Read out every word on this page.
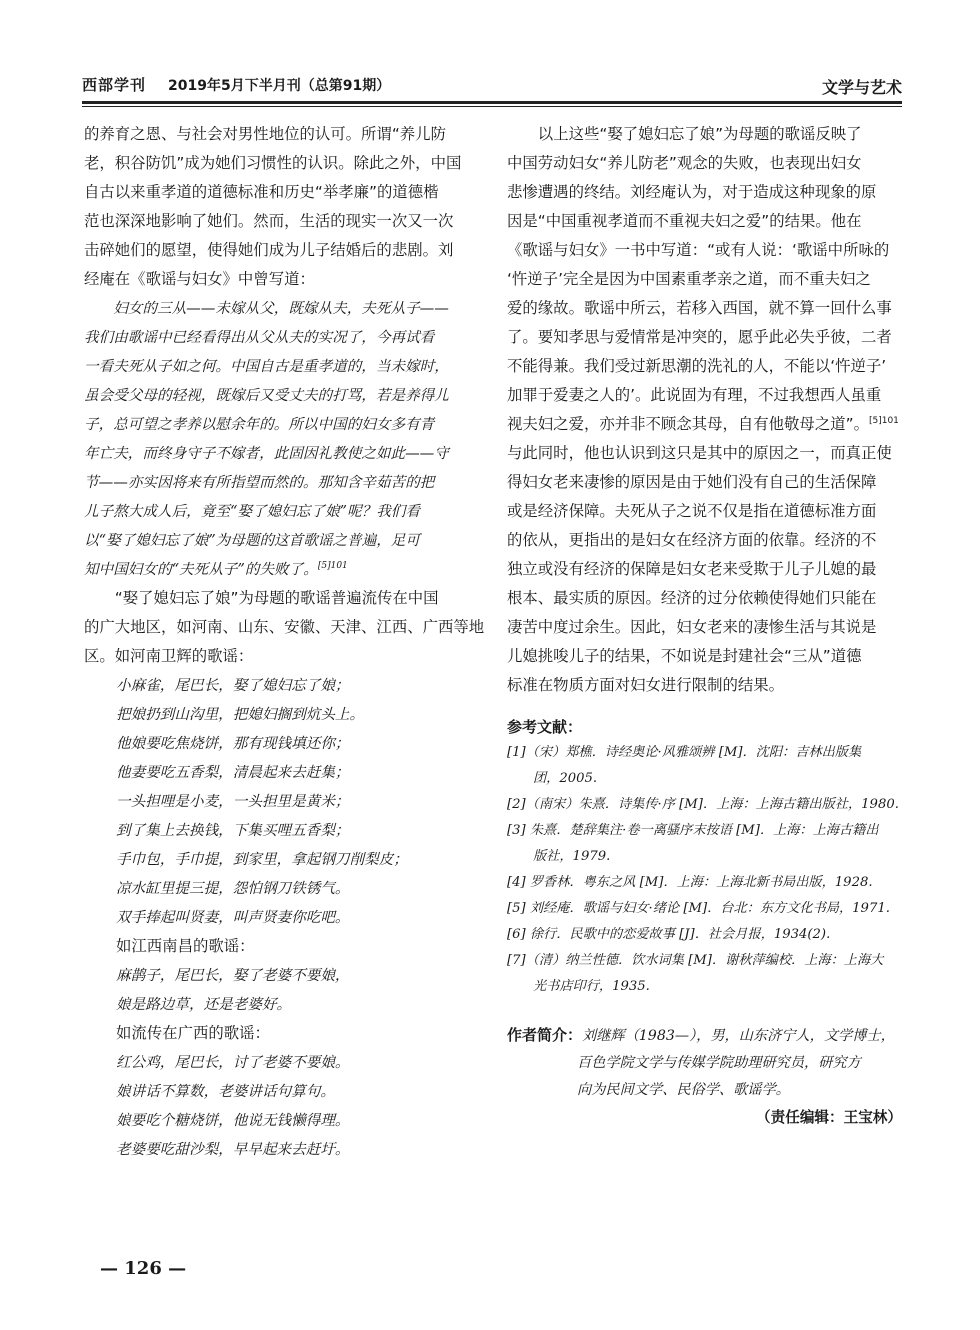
西部学刊 2019年5月下半月刊（总第91期）	文学与艺术

的养育之恩、与社会对男性地位的认可。所谓“养儿防

老，积谷防饥”成为她们习惯性的认识。除此之外，中国

自古以来重孝道的道德标准和历史“举孝廉”的道德楷

范也深深地影响了她们。然而，生活的现实一次又一次

击碎她们的愿望，使得她们成为儿子结婚后的悲剧。刘

经庵在《歌谣与妇女》中曾写道：

妇女的三从——未嫁从父，既嫁从夫，夫死从子——

我们由歌谣中已经看得出从父从夫的实况了，今再试看

一看夫死从子如之何。中国自古是重孝道的，当未嫁时，

虽会受父母的轻视，既嫁后又受丈夫的打骂，若是养得儿

子，总可望之孝养以慰余年的。所以中国的妇女多有青

年亡夫，而终身守子不嫁者，此固因礼教使之如此——守

节——亦实因将来有所指望而然的。那知含辛茹苦的把

儿子熬大成人后，竟至“娶了媳妇忘了娘”呢？我们看

以“娶了媳妇忘了娘”为母题的这首歌谣之普遍，足可

知中国妇女的“夫死从子”的失败了。$^{[5]101}$

“娶了媳妇忘了娘”为母题的歌谣普遍流传在中国

的广大地区，如河南、山东、安徽、天津、江西、广西等地

区。如河南卫辉的歌谣：

小麻雀，尾巴长，娶了媳妇忘了娘；

把娘扔到山沟里，把媳妇搁到炕头上。

他娘要吃焦烧饼，那有现钱填还你；

他妻要吃五香梨，清晨起来去赶集；

一头担哩是小麦，一头担里是黄米；

到了集上去换钱，下集买哩五香梨；

手巾包，手巾提，到家里，拿起钢刀削梨皮；

凉水缸里提三提，怨怕钢刀铁锈气。

双手捧起叫贤妻，叫声贤妻你吃吧。

如江西南昌的歌谣：

麻鹊子，尾巴长，娶了老婆不要娘，

娘是路边草，还是老婆好。

如流传在广西的歌谣：

红公鸡，尾巴长，讨了老婆不要娘。

娘讲话不算数，老婆讲话句算句。

娘要吃个糖烧饼，他说无钱懒得理。

老婆要吃甜沙梨，早早起来去赶圩。

以上这些“娶了媳妇忘了娘”为母题的歌谣反映了

中国劳动妇女“养儿防老”观念的失败，也表现出妇女

悲惨遭遇的终结。刘经庵认为，对于造成这种现象的原

因是“中国重视孝道而不重视夫妇之爱”的结果。他在

《歌谣与妇女》一书中写道：“或有人说：‘歌谣中所咏的

‘忤逆子’完全是因为中国素重孝亲之道，而不重夫妇之

爱的缘故。歌谣中所云，若移入西国，就不算一回什么事

了。要知孝思与爱情常是冲突的，愿乎此必失乎彼，二者

不能得兼。我们受过新思潮的洗礼的人，不能以‘忤逆子’

加罪于爱妻之人的’。此说固为有理，不过我想西人虽重

视夫妇之爱，亦并非不顾念其母，自有他敬母之道”。$^{[5]101}$

与此同时，他也认识到这只是其中的原因之一，而真正使

得妇女老来凄惨的原因是由于她们没有自己的生活保障

或是经济保障。夫死从子之说不仅是指在道德标准方面

的依从，更指出的是妇女在经济方面的依靠。经济的不

独立或没有经济的保障是妇女老来受欺于儿子儿媳的最

根本、最实质的原因。经济的过分依赖使得她们只能在

凄苦中度过余生。因此，妇女老来的凄惨生活与其说是

儿媳挑唆儿子的结果，不如说是封建社会“三从”道德

标准在物质方面对妇女进行限制的结果。

参考文献：
[1]（宋）郑樵．诗经奥论·风雅颂辨 [M]．沈阳：吉林出版集
团，2005.
[2]（南宋）朱熹．诗集传·序 [M]．上海：上海古籍出版社，1980.
[3] 朱熹．楚辞集注·卷一离骚序末按语 [M]．上海：上海古籍出
版社，1979.
[4] 罗香林．粤东之风 [M]．上海：上海北新书局出版，1928.
[5] 刘经庵．歌谣与妇女·绪论 [M]．台北：东方文化书局，1971.
[6] 徐行．民歌中的恋爱故事 [J]．社会月报，1934(2).
[7]（清）纳兰性德．饮水词集 [M]．谢秋萍编校．上海：上海大
光书店印行，1935.
作者简介：刘继辉（1983—），男，山东济宁人，文学博士，
百色学院文学与传媒学院助理研究员，研究方
向为民间文学、民俗学、歌谣学。
（责任编辑：王宝林）
— 126 —
